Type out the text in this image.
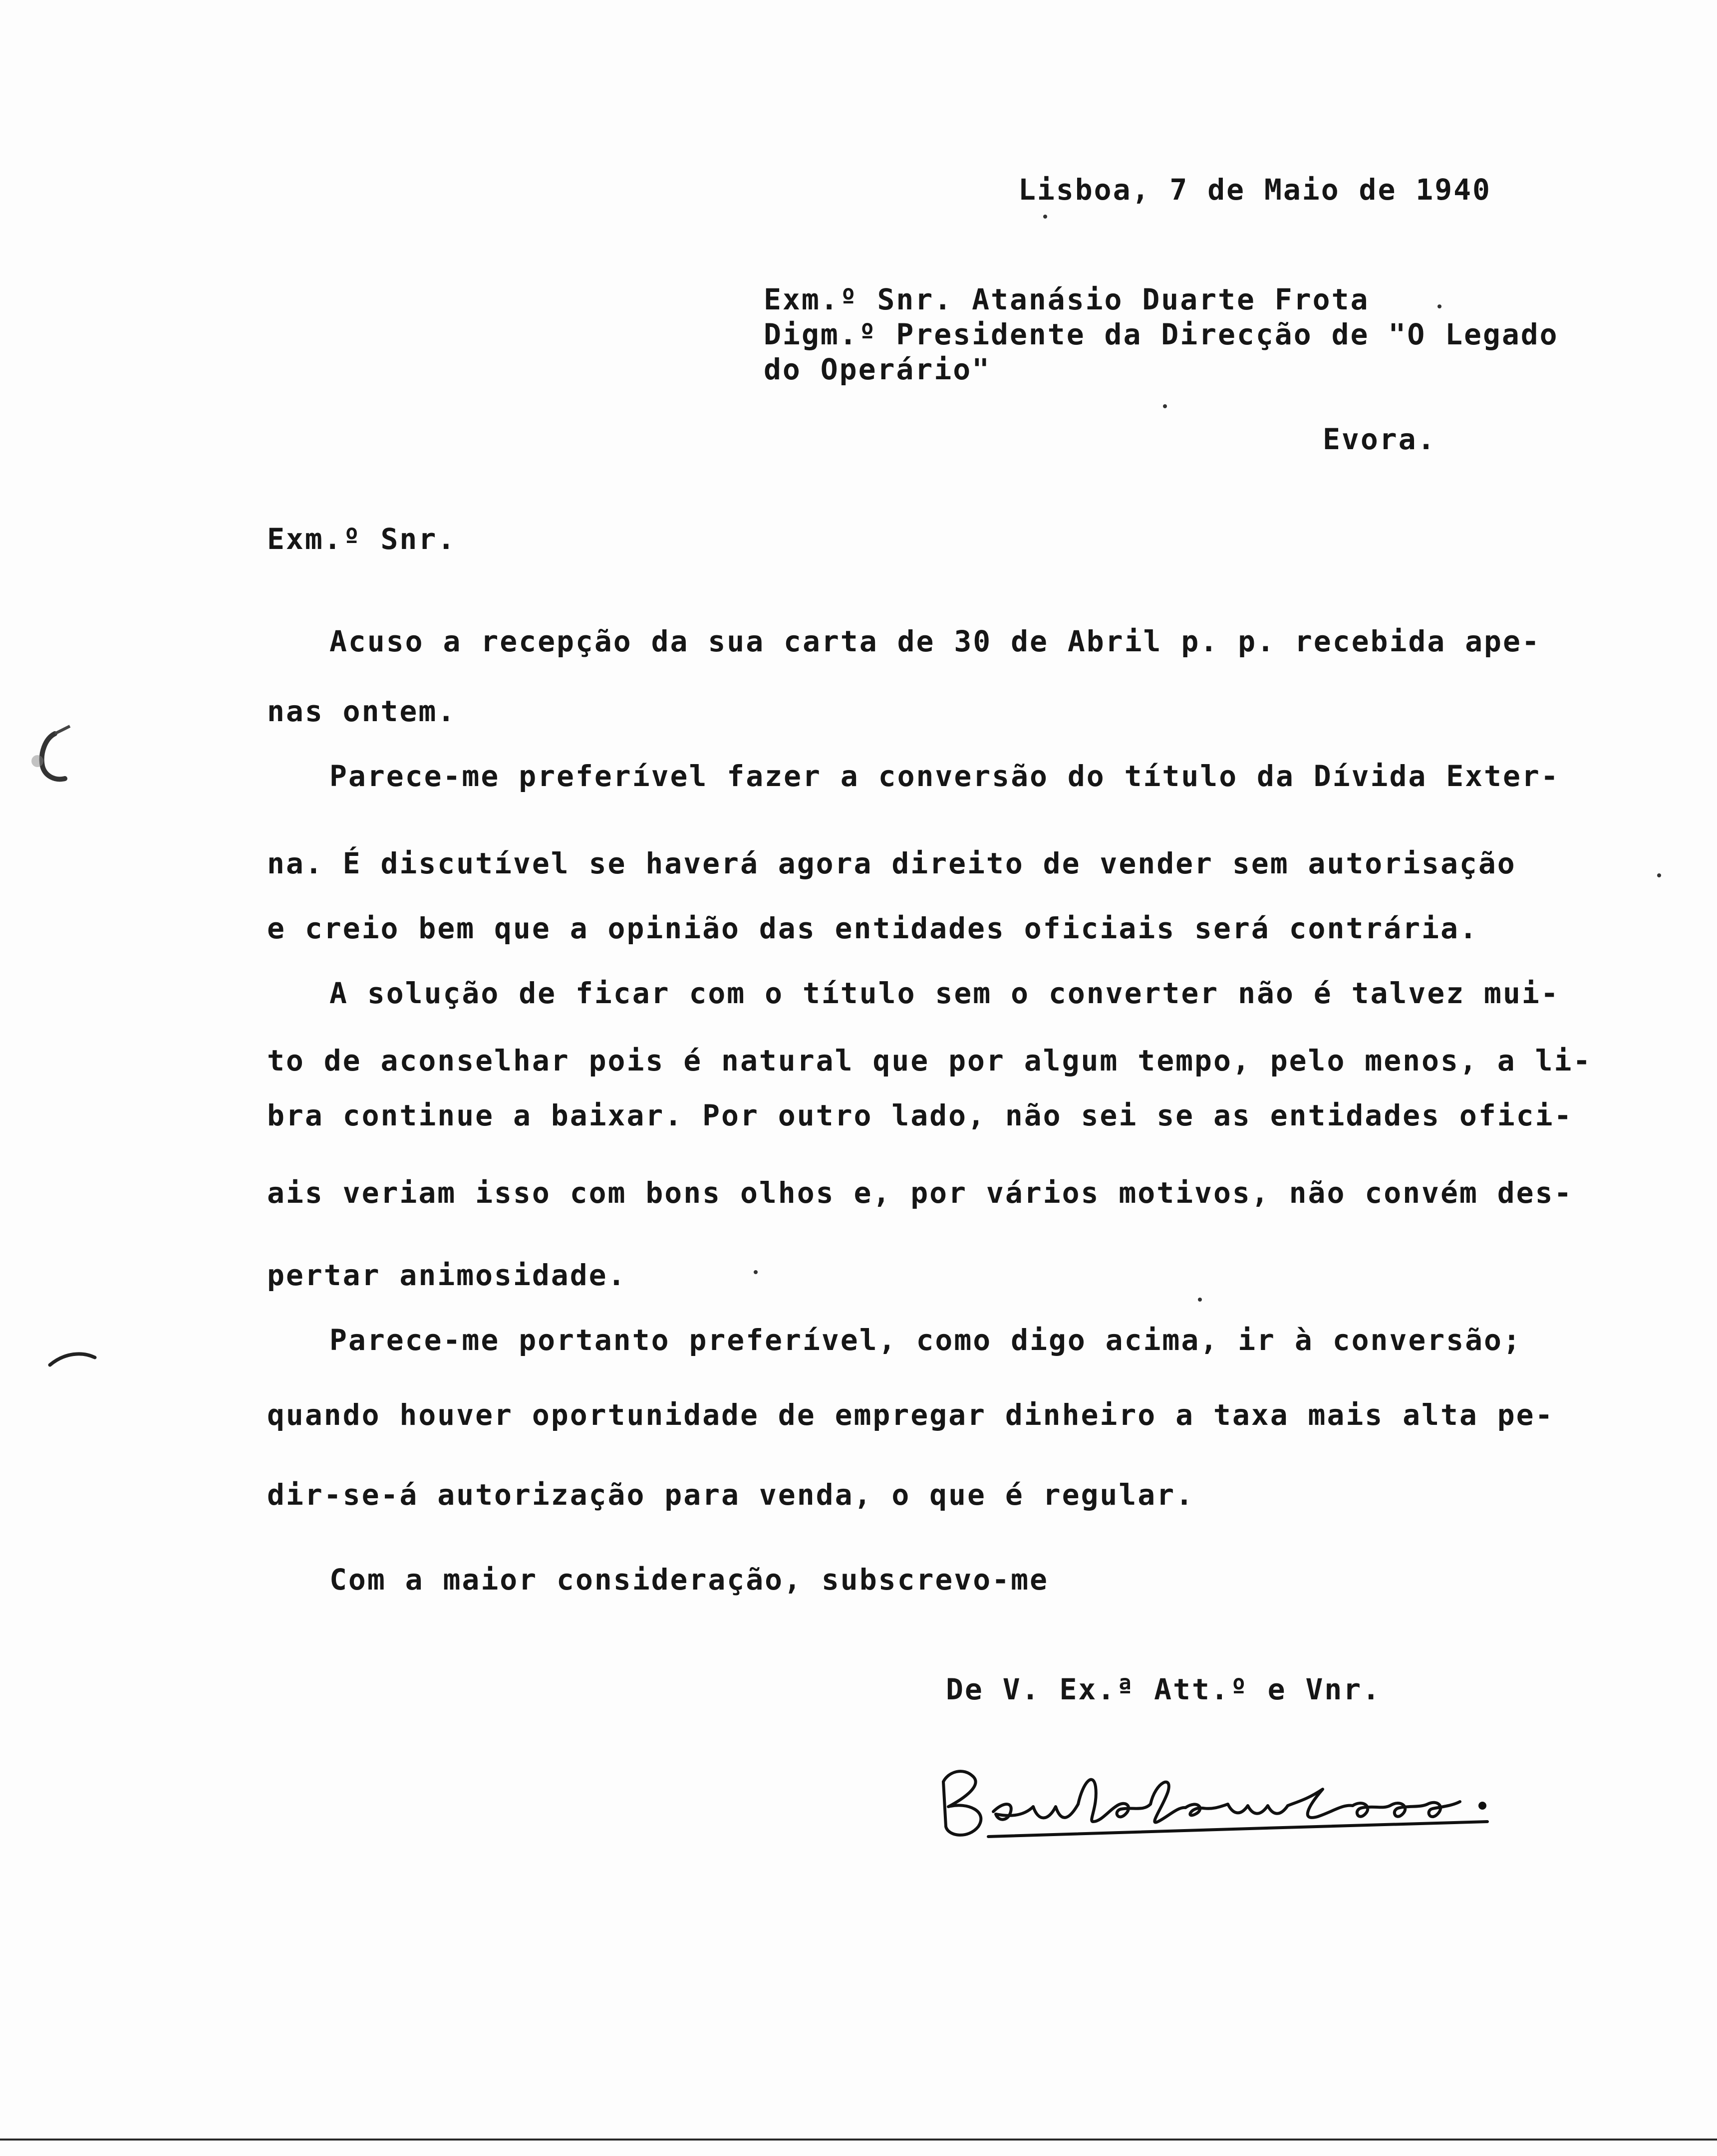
Lisboa, 7 de Maio de 1940
Exm.º Snr. Atanásio Duarte Frota
Digm.º Presidente da Direcção de "O Legado
do Operário"
Evora.
Exm.º Snr.
Acuso a recepção da sua carta de 30 de Abril p. p. recebida ape-
nas ontem.
Parece-me preferível fazer a conversão do título da Dívida Exter-
na. É discutível se haverá agora direito de vender sem autorisação
e creio bem que a opinião das entidades oficiais será contrária.
A solução de ficar com o título sem o converter não é talvez mui-
to de aconselhar pois é natural que por algum tempo, pelo menos, a li-
bra continue a baixar. Por outro lado, não sei se as entidades ofici-
ais veriam isso com bons olhos e, por vários motivos, não convém des-
pertar animosidade.
Parece-me portanto preferível, como digo acima, ir à conversão;
quando houver oportunidade de empregar dinheiro a taxa mais alta pe-
dir-se-á autorização para venda, o que é regular.
Com a maior consideração, subscrevo-me
De V. Ex.ª Att.º e Vnr.
